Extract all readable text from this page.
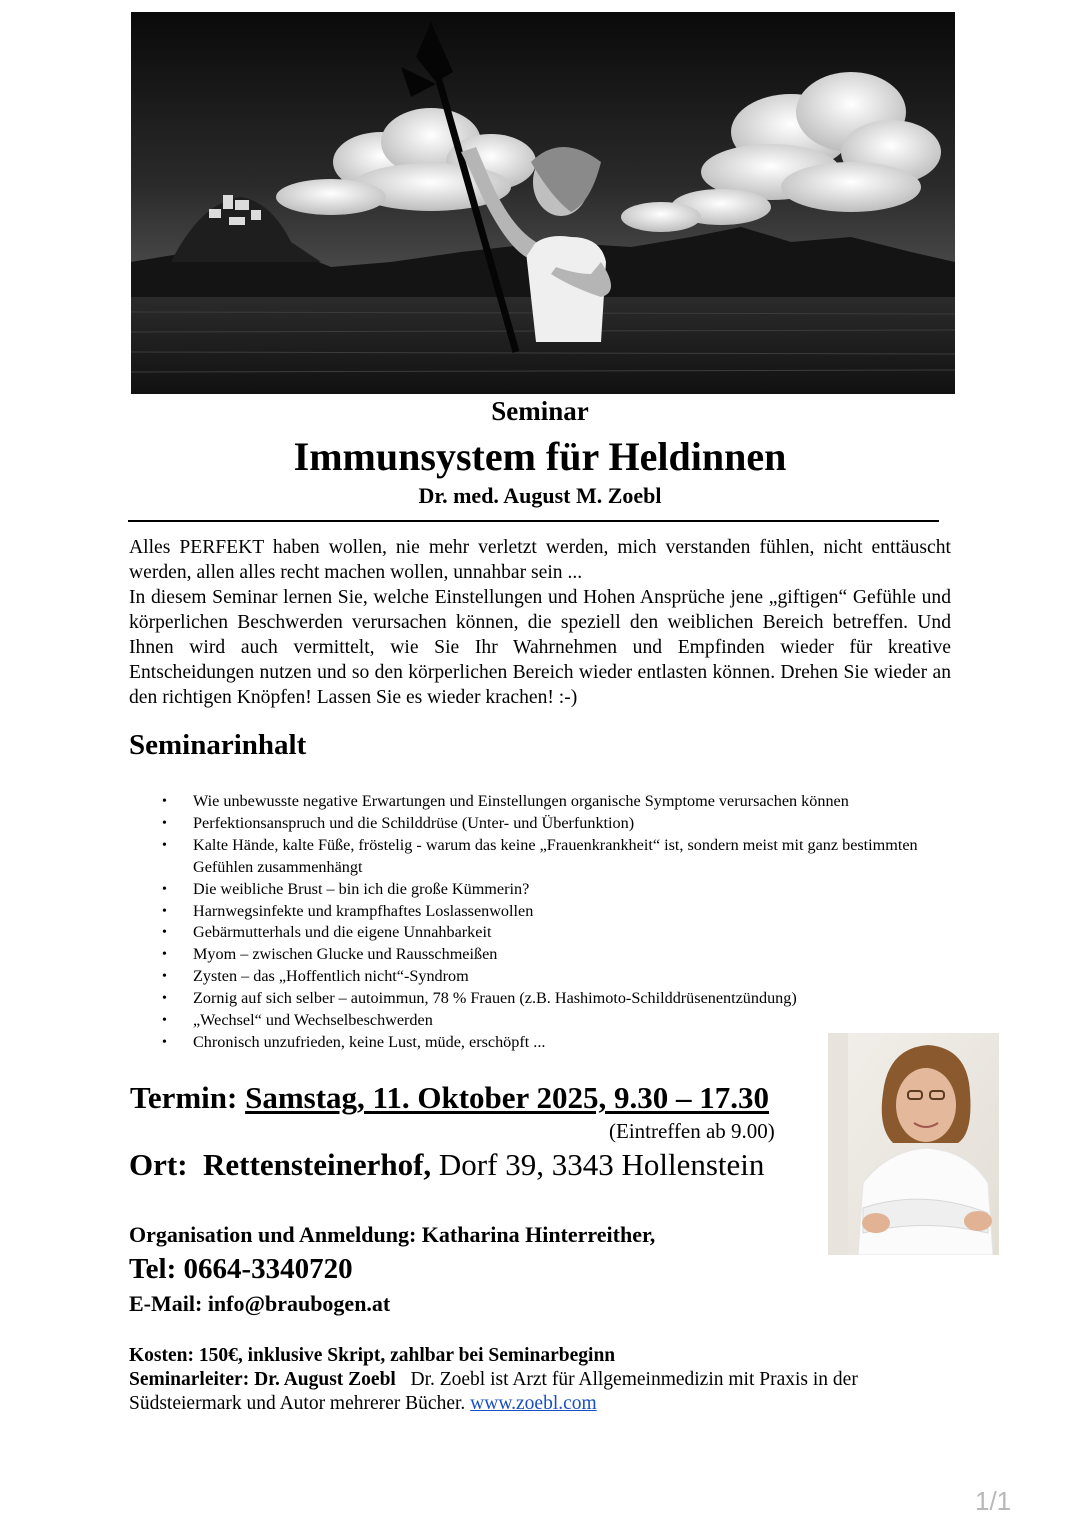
Seminar
Immunsystem für Heldinnen
Dr. med. August M. Zoebl

Alles PERFEKT haben wollen, nie mehr verletzt werden, mich verstanden fühlen, nicht enttäuscht werden, allen alles recht machen wollen, unnahbar sein ...

In diesem Seminar lernen Sie, welche Einstellungen und Hohen Ansprüche jene „giftigen“ Gefühle und körperlichen Beschwerden verursachen können, die speziell den weiblichen Bereich betreffen. Und Ihnen wird auch vermittelt, wie Sie Ihr Wahrnehmen und Empfinden wieder für kreative Entscheidungen nutzen und so den körperlichen Bereich wieder entlasten können. Drehen Sie wieder an den richtigen Knöpfen! Lassen Sie es wieder krachen! :-)

Seminarinhalt
• Wie unbewusste negative Erwartungen und Einstellungen organische Symptome verursachen können
• Perfektionsanspruch und die Schilddrüse (Unter- und Überfunktion)
• Kalte Hände, kalte Füße, fröstelig - warum das keine „Frauenkrankheit“ ist, sondern meist mit ganz bestimmten Gefühlen zusammenhängt
• Die weibliche Brust – bin ich die große Kümmerin?
• Harnwegsinfekte und krampfhaftes Loslassenwollen
• Gebärmutterhals und die eigene Unnahbarkeit
• Myom – zwischen Glucke und Rausschmeißen
• Zysten – das „Hoffentlich nicht“-Syndrom
• Zornig auf sich selber – autoimmun, 78 % Frauen (z.B. Hashimoto-Schilddrüsenentzündung)
• „Wechsel“ und Wechselbeschwerden
• Chronisch unzufrieden, keine Lust, müde, erschöpft ...
Termin: Samstag, 11. Oktober 2025, 9.30 – 17.30
(Eintreffen ab 9.00)
Ort: Rettensteinerhof, Dorf 39, 3343 Hollenstein
Organisation und Anmeldung: Katharina Hinterreither,
Tel: 0664-3340720
E-Mail: info@braubogen.at
Kosten: 150€, inklusive Skript, zahlbar bei Seminarbeginn
Seminarleiter: Dr. August Zoebl Dr. Zoebl ist Arzt für Allgemeinmedizin mit Praxis in der Südsteiermark und Autor mehrerer Bücher. www.zoebl.com
1/1
